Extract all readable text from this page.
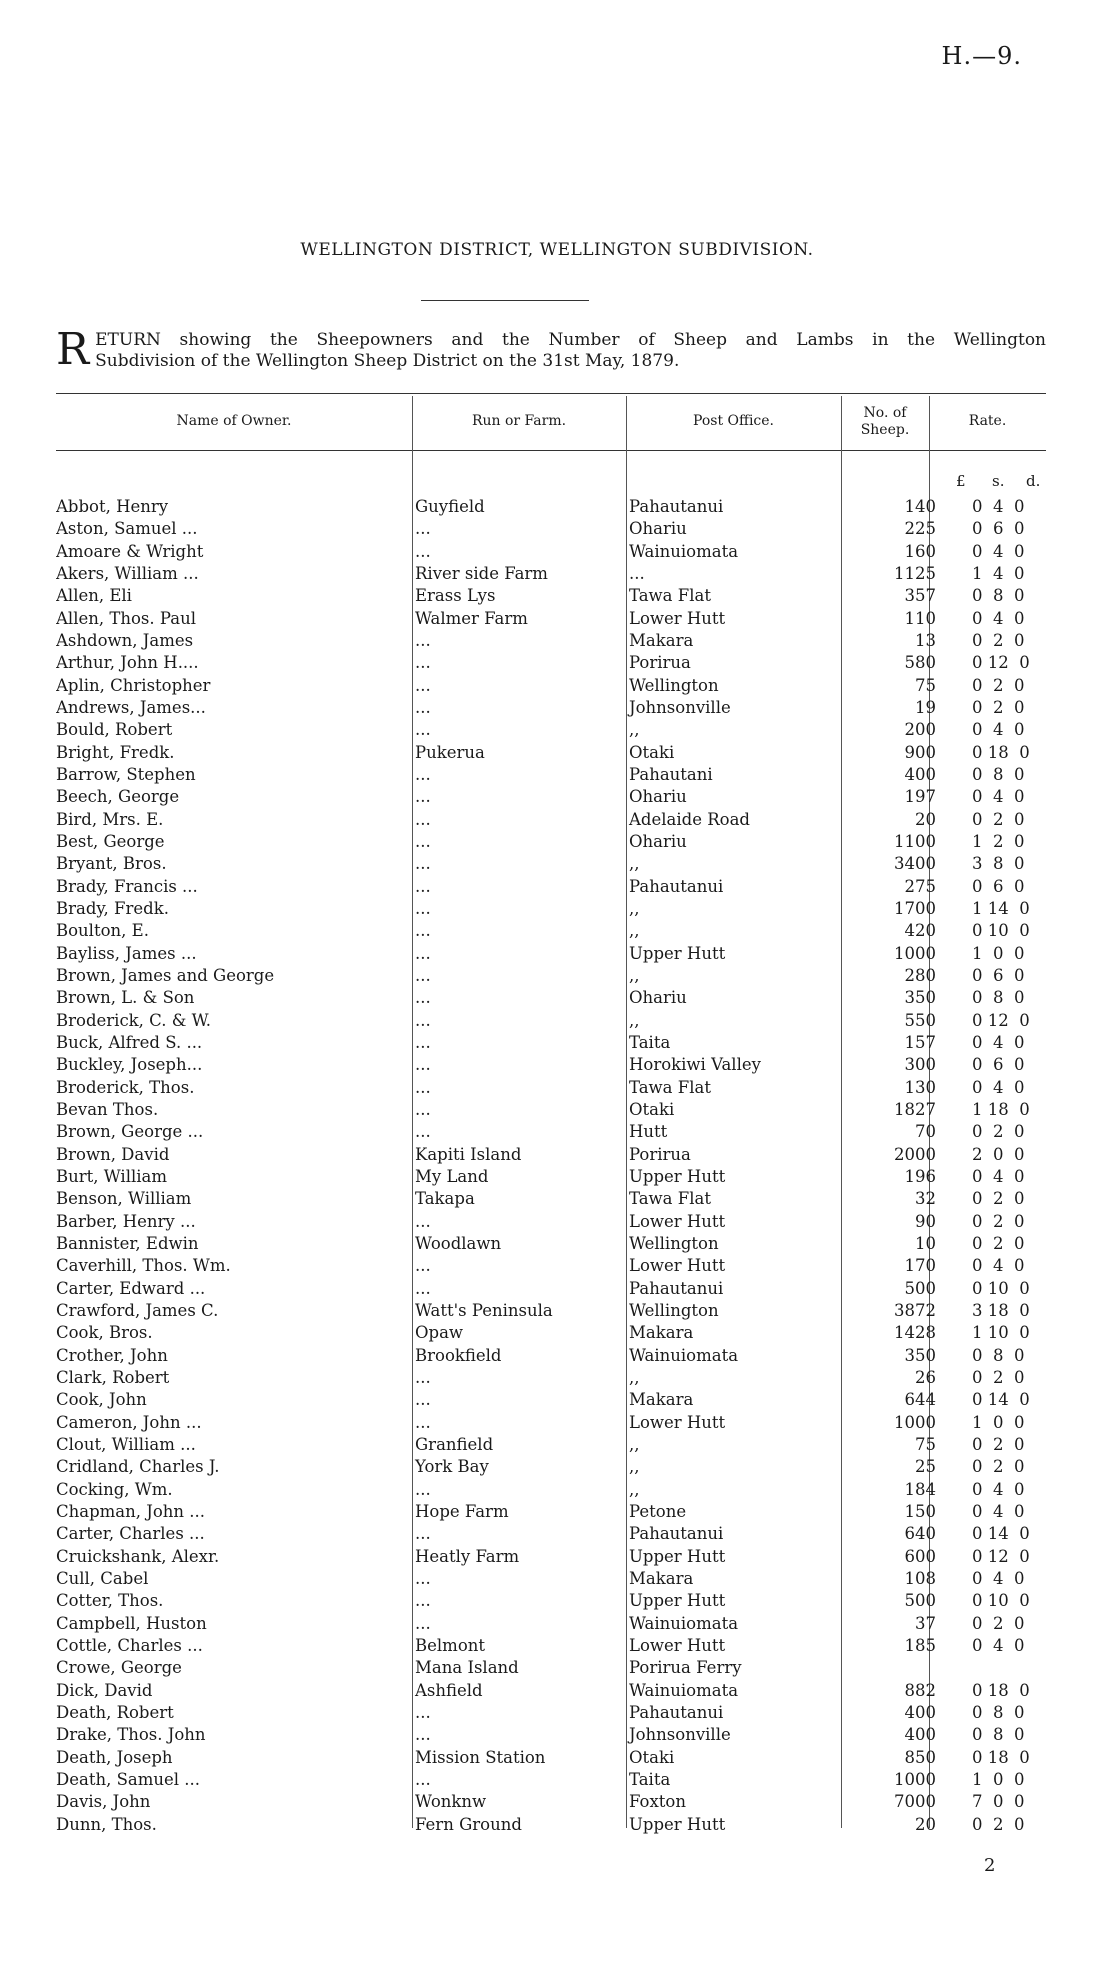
H.—9.
WELLINGTON DISTRICT, WELLINGTON SUBDIVISION.
R ETURN showing the Sheepowners and the Number of Sheep and Lambs in the Wellington
Subdivision of the Wellington Sheep District on the 31st May, 1879.
Name of Owner.	Run or Farm.	Post Office.	No. of
Sheep.
Rate.
£ s. d.
Abbot, Henry	Guyfield	Pahautanui	140	0  4  0
Aston, Samuel ...	...	Ohariu	225	0  6  0
Amoare & Wright	...	Wainuiomata	160	0  4  0
Akers, William ...	River side Farm	...	1125	1  4  0
Allen, Eli	Erass Lys	Tawa Flat	357	0  8  0
Allen, Thos. Paul	Walmer Farm	Lower Hutt	110	0  4  0
Ashdown, James	...	Makara	13	0  2  0
Arthur, John H....	...	Porirua	580	0 12  0
Aplin, Christopher	...	Wellington	75	0  2  0
Andrews, James...	...	Johnsonville	19	0  2  0
Bould, Robert	...	,,	200	0  4  0
Bright, Fredk.	Pukerua	Otaki	900	0 18  0
Barrow, Stephen	...	Pahautani	400	0  8  0
Beech, George	...	Ohariu	197	0  4  0
Bird, Mrs. E.	...	Adelaide Road	20	0  2  0
Best, George	...	Ohariu	1100	1  2  0
Bryant, Bros.	...	,,	3400	3  8  0
Brady, Francis ...	...	Pahautanui	275	0  6  0
Brady, Fredk.	...	,,	1700	1 14  0
Boulton, E.	...	,,	420	0 10  0
Bayliss, James ...	...	Upper Hutt	1000	1  0  0
Brown, James and George	...	,,	280	0  6  0
Brown, L. & Son	...	Ohariu	350	0  8  0
Broderick, C. & W.	...	,,	550	0 12  0
Buck, Alfred S. ...	...	Taita	157	0  4  0
Buckley, Joseph...	...	Horokiwi Valley	300	0  6  0
Broderick, Thos.	...	Tawa Flat	130	0  4  0
Bevan Thos.	...	Otaki	1827	1 18  0
Brown, George ...	...	Hutt	70	0  2  0
Brown, David	Kapiti Island	Porirua	2000	2  0  0
Burt, William	My Land	Upper Hutt	196	0  4  0
Benson, William	Takapa	Tawa Flat	32	0  2  0
Barber, Henry ...	...	Lower Hutt	90	0  2  0
Bannister, Edwin	Woodlawn	Wellington	10	0  2  0
Caverhill, Thos. Wm.	...	Lower Hutt	170	0  4  0
Carter, Edward ...	...	Pahautanui	500	0 10  0
Crawford, James C.	Watt's Peninsula	Wellington	3872	3 18  0
Cook, Bros.	Opaw	Makara	1428	1 10  0
Crother, John	Brookfield	Wainuiomata	350	0  8  0
Clark, Robert	...	,,	26	0  2  0
Cook, John	...	Makara	644	0 14  0
Cameron, John ...	...	Lower Hutt	1000	1  0  0
Clout, William ...	Granfield	,,	75	0  2  0
Cridland, Charles J.	York Bay	,,	25	0  2  0
Cocking, Wm.	...	,,	184	0  4  0
Chapman, John ...	Hope Farm	Petone	150	0  4  0
Carter, Charles ...	...	Pahautanui	640	0 14  0
Cruickshank, Alexr.	Heatly Farm	Upper Hutt	600	0 12  0
Cull, Cabel	...	Makara	108	0  4  0
Cotter, Thos.	...	Upper Hutt	500	0 10  0
Campbell, Huston	...	Wainuiomata	37	0  2  0
Cottle, Charles ...	Belmont	Lower Hutt	185	0  4  0
Crowe, George	Mana Island	Porirua Ferry		
Dick, David	Ashfield	Wainuiomata	882	0 18  0
Death, Robert	...	Pahautanui	400	0  8  0
Drake, Thos. John	...	Johnsonville	400	0  8  0
Death, Joseph	Mission Station	Otaki	850	0 18  0
Death, Samuel ...	...	Taita	1000	1  0  0
Davis, John	Wonknw	Foxton	7000	7  0  0
Dunn, Thos.	Fern Ground	Upper Hutt	20	0  2  0
2
